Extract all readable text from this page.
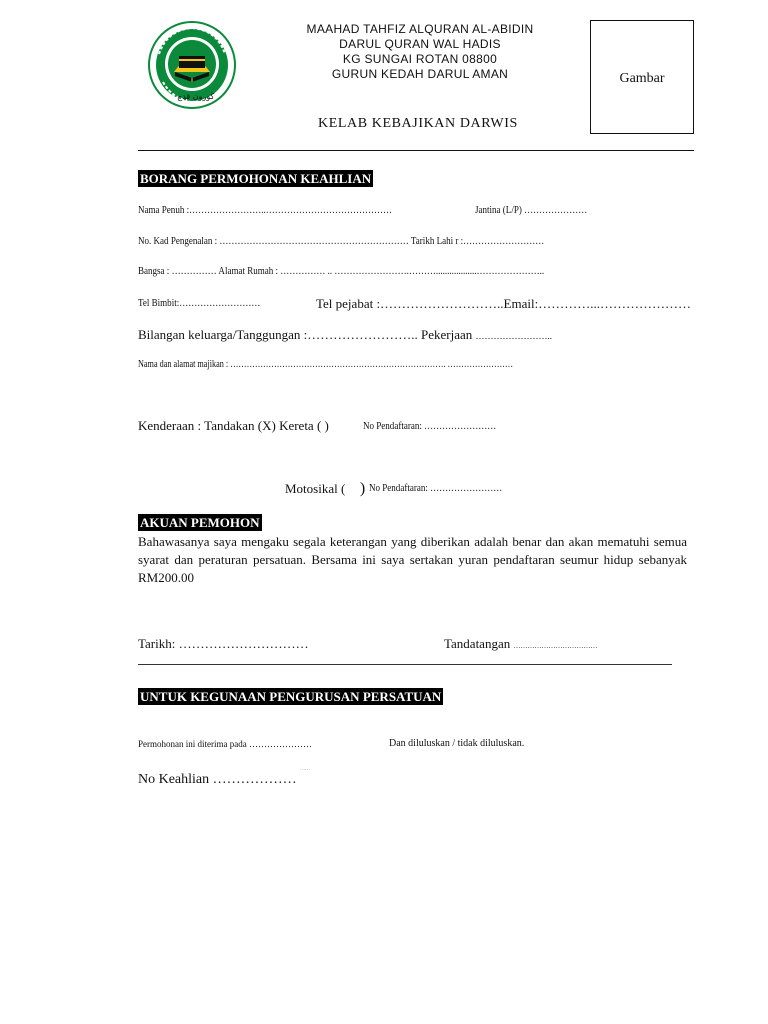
ڬورون قدح
MAAHAD TAHFIZ ALQURAN AL-ABIDIN
DARUL QURAN WAL HADIS
KG SUNGAI ROTAN 08800
GURUN KEDAH DARUL AMAN	Gambar
KELAB KEBAJIKAN DARWIS
BORANG PERMOHONAN KEAHLIAN
Nama Penuh :……………………..……………………………………	Jantina (L/P) …………………
No. Kad Pengenalan : ……………………………………………………… Tarikh Lahi r :………………………
Bangsa : …………… Alamat Rumah : …………… .. …………………….………..................…………………..
Tel Bimbit:………………………	Tel pejabat :………………………..Email:…………...…………………
Bilangan keluarga/Tanggungan :…………………….. Pekerjaan ……………………..
Nama dan alamat majikan : ……………………………………………………………………. ……………………
Kenderaan : Tandakan (X) Kereta ( )	No Pendaftaran: ……………………
Motosikal ( ) No Pendaftaran: ……………………
AKUAN PEMOHON
Bahawasanya saya mengaku segala keterangan yang diberikan adalah benar dan akan mematuhi semua syarat dan peraturan persatuan. Bersama ini saya sertakan yuran pendaftaran seumur hidup sebanyak RM200.00
Tarikh: …………………………	Tandatangan ………………………………
UNTUK KEGUNAAN PENGURUSAN PERSATUAN
Permohonan ini diterima pada …………………	Dan diluluskan / tidak diluluskan.
No Keahlian ………………
……
